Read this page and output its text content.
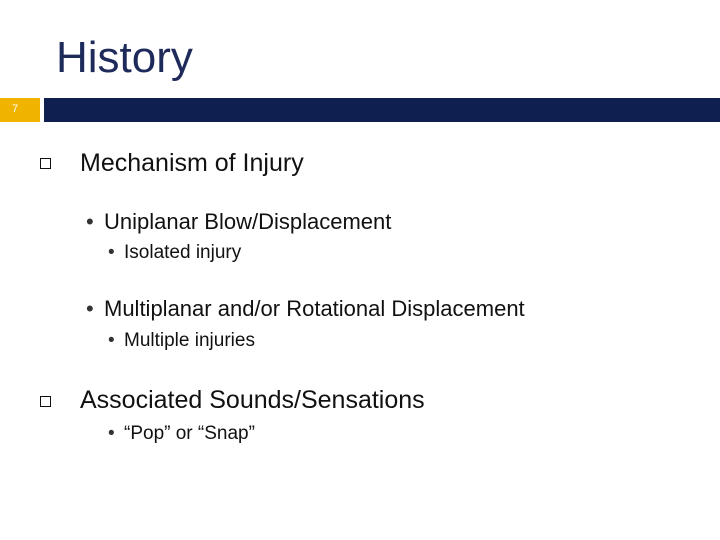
History
7
Mechanism of Injury
• Uniplanar Blow/Displacement
• Isolated injury
• Multiplanar and/or Rotational Displacement
• Multiple injuries
Associated Sounds/Sensations
• “Pop” or “Snap”
